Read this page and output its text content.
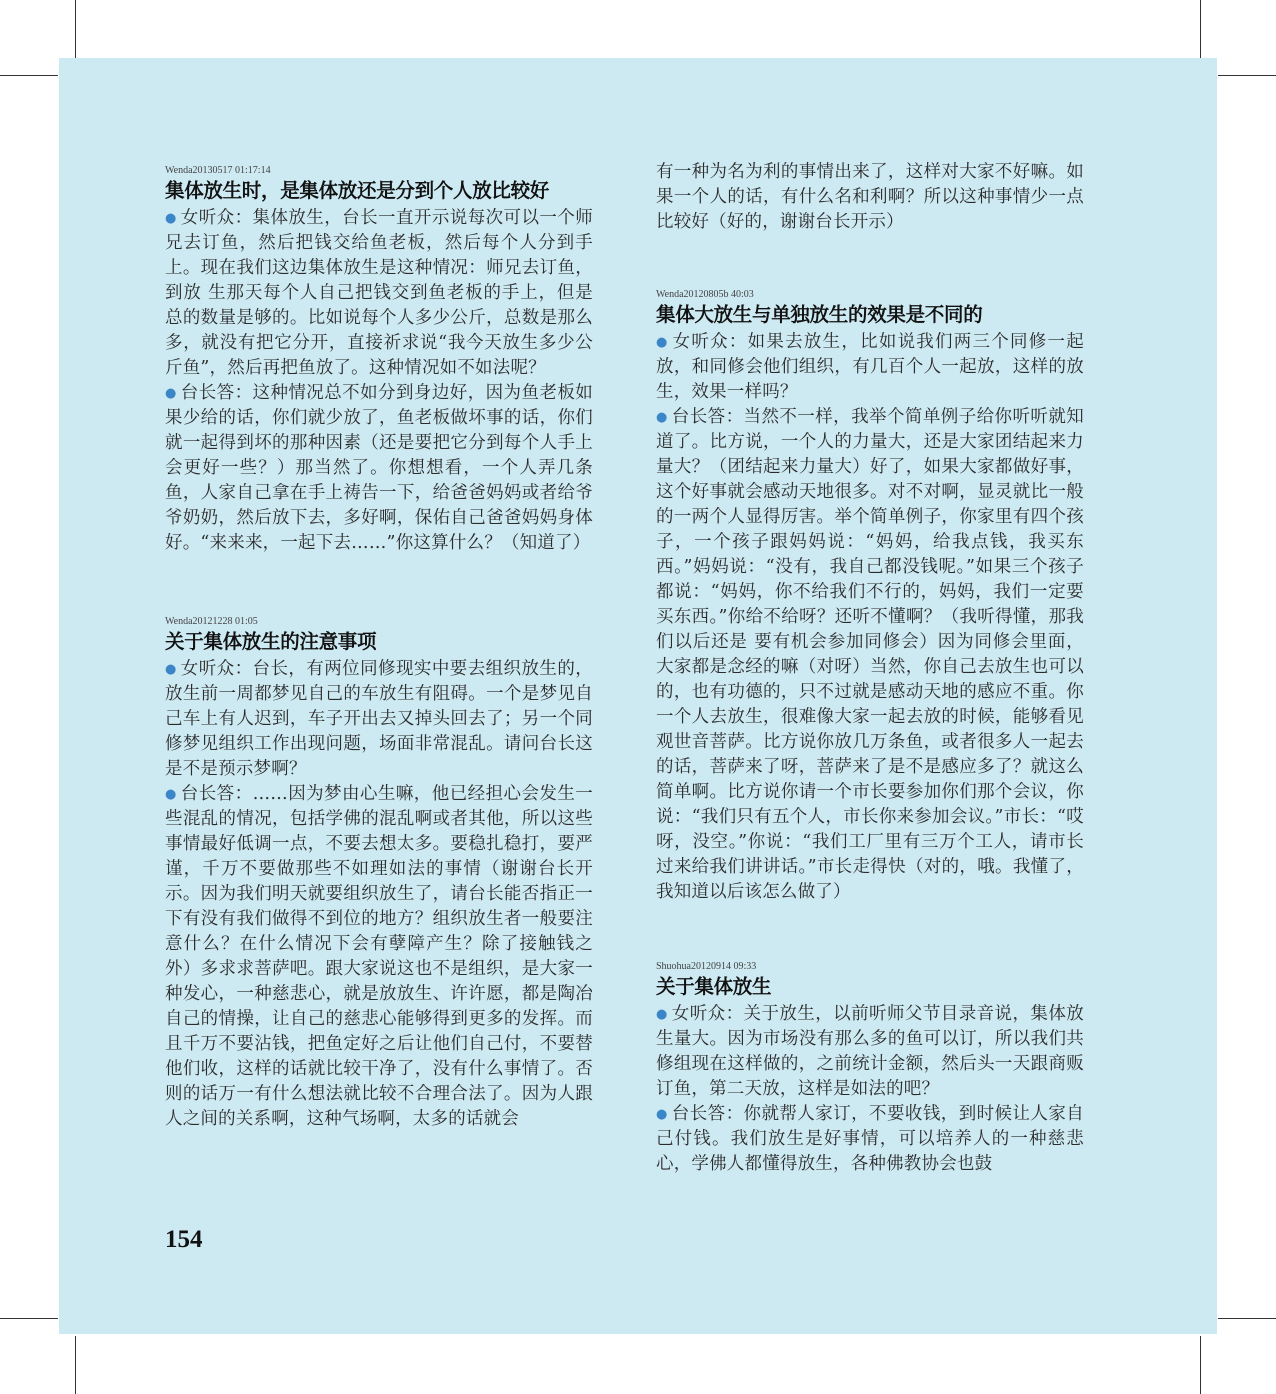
Wenda20130517 01:17:14
集体放生时，是集体放还是分到个人放比较好

● 女听众：集体放生，台长一直开示说每次可以一个师兄去订鱼，然后把钱交给鱼老板，然后每个人分到手上。现在我们这边集体放生是这种情况：师兄去订鱼，到放 生那天每个人自己把钱交到鱼老板的手上，但是总的数量是够的。比如说每个人多少公斤，总数是那么多，就没有把它分开，直接祈求说“我今天放生多少公斤鱼”，然后再把鱼放了。这种情况如不如法呢？

● 台长答：这种情况总不如分到身边好，因为鱼老板如果少给的话，你们就少放了，鱼老板做坏事的话，你们就一起得到坏的那种因素（还是要把它分到每个人手上会更好一些？）那当然了。你想想看，一个人弄几条鱼，人家自己拿在手上祷告一下，给爸爸妈妈或者给爷爷奶奶，然后放下去，多好啊，保佑自己爸爸妈妈身体好。“来来来，一起下去……”你这算什么？（知道了）

Wenda20121228 01:05
关于集体放生的注意事项

● 女听众：台长，有两位同修现实中要去组织放生的，放生前一周都梦见自己的车放生有阻碍。一个是梦见自己车上有人迟到，车子开出去又掉头回去了；另一个同修梦见组织工作出现问题，场面非常混乱。请问台长这是不是预示梦啊？

● 台长答：……因为梦由心生嘛，他已经担心会发生一些混乱的情况，包括学佛的混乱啊或者其他，所以这些事情最好低调一点，不要去想太多。要稳扎稳打，要严谨，千万不要做那些不如理如法的事情（谢谢台长开示。因为我们明天就要组织放生了，请台长能否指正一下有没有我们做得不到位的地方？组织放生者一般要注意什么？在什么情况下会有孽障产生？除了接触钱之外）多求求菩萨吧。跟大家说这也不是组织，是大家一种发心，一种慈悲心，就是放放生、许许愿，都是陶冶自己的情操，让自己的慈悲心能够得到更多的发挥。而且千万不要沾钱，把鱼定好之后让他们自己付，不要替他们收，这样的话就比较干净了，没有什么事情了。否则的话万一有什么想法就比较不合理合法了。因为人跟人之间的关系啊，这种气场啊，太多的话就会

有一种为名为利的事情出来了，这样对大家不好嘛。如果一个人的话，有什么名和利啊？所以这种事情少一点比较好（好的，谢谢台长开示）

Wenda20120805b 40:03
集体大放生与单独放生的效果是不同的

● 女听众：如果去放生，比如说我们两三个同修一起放，和同修会他们组织，有几百个人一起放，这样的放生，效果一样吗？

● 台长答：当然不一样，我举个简单例子给你听听就知道了。比方说，一个人的力量大，还是大家团结起来力量大？（团结起来力量大）好了，如果大家都做好事，这个好事就会感动天地很多。对不对啊，显灵就比一般的一两个人显得厉害。举个简单例子，你家里有四个孩子，一个孩子跟妈妈说：“妈妈，给我点钱，我买东西。”妈妈说：“没有，我自己都没钱呢。”如果三个孩子都说：“妈妈，你不给我们不行的，妈妈，我们一定要买东西。”你给不给呀？还听不懂啊？（我听得懂，那我们以后还是 要有机会参加同修会）因为同修会里面，大家都是念经的嘛（对呀）当然，你自己去放生也可以的，也有功德的，只不过就是感动天地的感应不重。你一个人去放生，很难像大家一起去放的时候，能够看见观世音菩萨。比方说你放几万条鱼，或者很多人一起去的话，菩萨来了呀，菩萨来了是不是感应多了？就这么简单啊。比方说你请一个市长要参加你们那个会议，你说：“我们只有五个人，市长你来参加会议。”市长：“哎呀，没空。”你说：“我们工厂里有三万个工人，请市长过来给我们讲讲话。”市长走得快（对的，哦。我懂了，我知道以后该怎么做了）

Shuohua20120914 09:33
关于集体放生

● 女听众：关于放生，以前听师父节目录音说，集体放生量大。因为市场没有那么多的鱼可以订，所以我们共修组现在这样做的，之前统计金额，然后头一天跟商贩订鱼，第二天放，这样是如法的吧？

● 台长答：你就帮人家订，不要收钱，到时候让人家自己付钱。我们放生是好事情，可以培养人的一种慈悲心，学佛人都懂得放生，各种佛教协会也鼓

154
